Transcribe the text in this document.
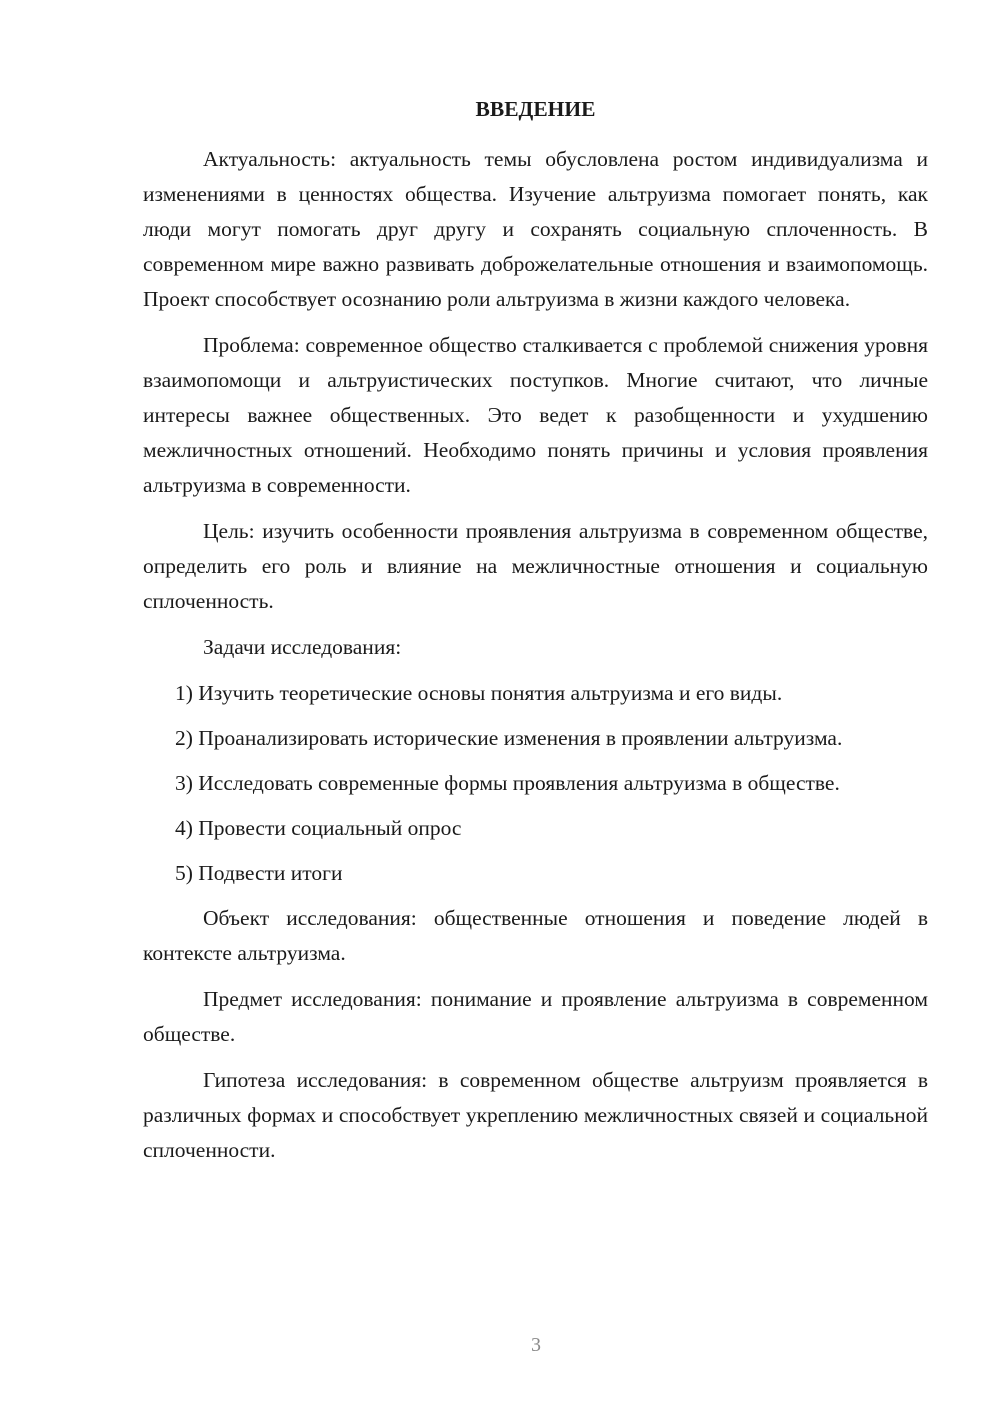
ВВЕДЕНИЕ

Актуальность: актуальность темы обусловлена ростом индивидуализма и изменениями в ценностях общества. Изучение альтруизма помогает понять, как люди могут помогать друг другу и сохранять социальную сплоченность. В современном мире важно развивать доброжелательные отношения и взаимопомощь. Проект способствует осознанию роли альтруизма в жизни каждого человека.

Проблема: современное общество сталкивается с проблемой снижения уровня взаимопомощи и альтруистических поступков. Многие считают, что личные интересы важнее общественных. Это ведет к разобщенности и ухудшению межличностных отношений. Необходимо понять причины и условия проявления альтруизма в современности.

Цель: изучить особенности проявления альтруизма в современном обществе, определить его роль и влияние на межличностные отношения и социальную сплоченность.

Задачи исследования:

1) Изучить теоретические основы понятия альтруизма и его виды.

2) Проанализировать исторические изменения в проявлении альтруизма.

3) Исследовать современные формы проявления альтруизма в обществе.

4) Провести социальный опрос

5) Подвести итоги

Объект исследования: общественные отношения и поведение людей в контексте альтруизма.

Предмет исследования: понимание и проявление альтруизма в современном обществе.

Гипотеза исследования: в современном обществе альтруизм проявляется в различных формах и способствует укреплению межличностных связей и социальной сплоченности.

3
